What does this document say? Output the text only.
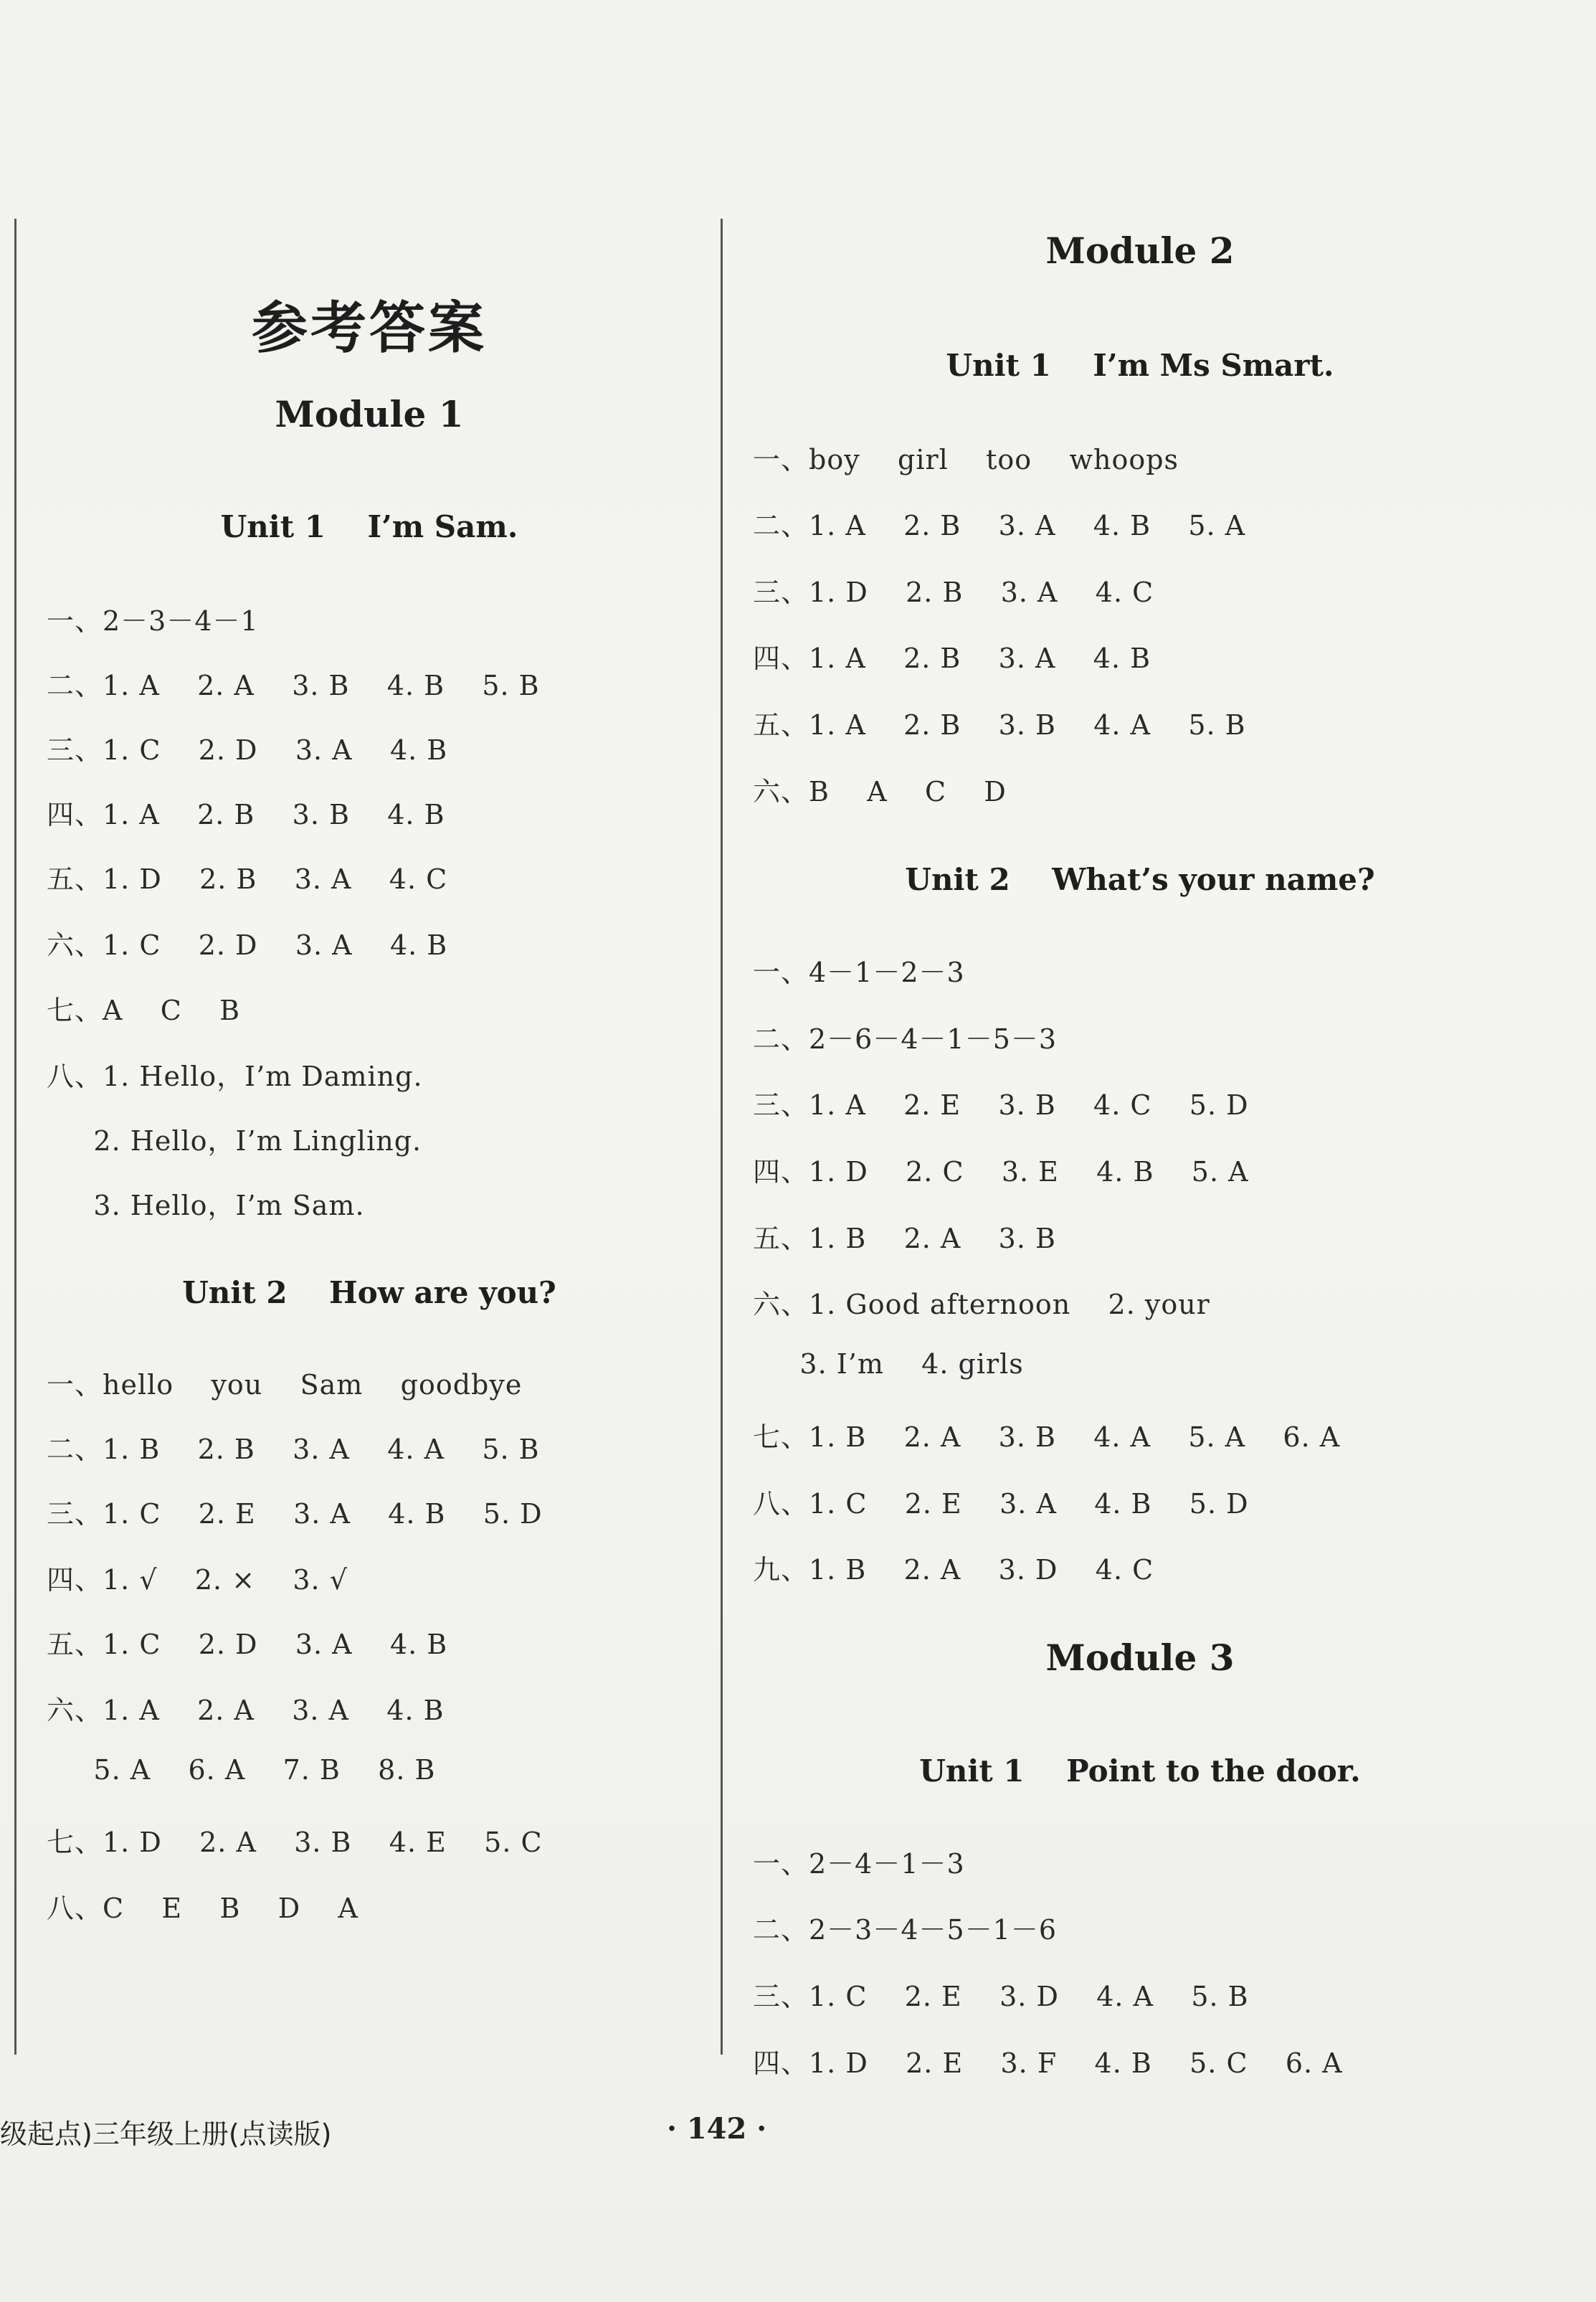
参考答案
Module 1
Unit 1    I’m Sam.
一、2－3－4－1
二、1. A    2. A    3. B    4. B    5. B
三、1. C    2. D    3. A    4. B
四、1. A    2. B    3. B    4. B
五、1. D    2. B    3. A    4. C
六、1. C    2. D    3. A    4. B
七、A    C    B
八、1. Hello，I’m Daming.
2. Hello，I’m Lingling.
3. Hello，I’m Sam.
Unit 2    How are you?
一、hello    you    Sam    goodbye
二、1. B    2. B    3. A    4. A    5. B
三、1. C    2. E    3. A    4. B    5. D
四、1. √    2. ×    3. √
五、1. C    2. D    3. A    4. B
六、1. A    2. A    3. A    4. B
5. A    6. A    7. B    8. B
七、1. D    2. A    3. B    4. E    5. C
八、C    E    B    D    A
Module 2
Unit 1    I’m Ms Smart.
一、boy    girl    too    whoops
二、1. A    2. B    3. A    4. B    5. A
三、1. D    2. B    3. A    4. C
四、1. A    2. B    3. A    4. B
五、1. A    2. B    3. B    4. A    5. B
六、B    A    C    D
Unit 2    What’s your name?
一、4－1－2－3
二、2－6－4－1－5－3
三、1. A    2. E    3. B    4. C    5. D
四、1. D    2. C    3. E    4. B    5. A
五、1. B    2. A    3. B
六、1. Good afternoon    2. your
3. I’m    4. girls
七、1. B    2. A    3. B    4. A    5. A    6. A
八、1. C    2. E    3. A    4. B    5. D
九、1. B    2. A    3. D    4. C
Module 3
Unit 1    Point to the door.
一、2－4－1－3
二、2－3－4－5－1－6
三、1. C    2. E    3. D    4. A    5. B
四、1. D    2. E    3. F    4. B    5. C    6. A
级起点)三年级上册(点读版)	· 142 ·
